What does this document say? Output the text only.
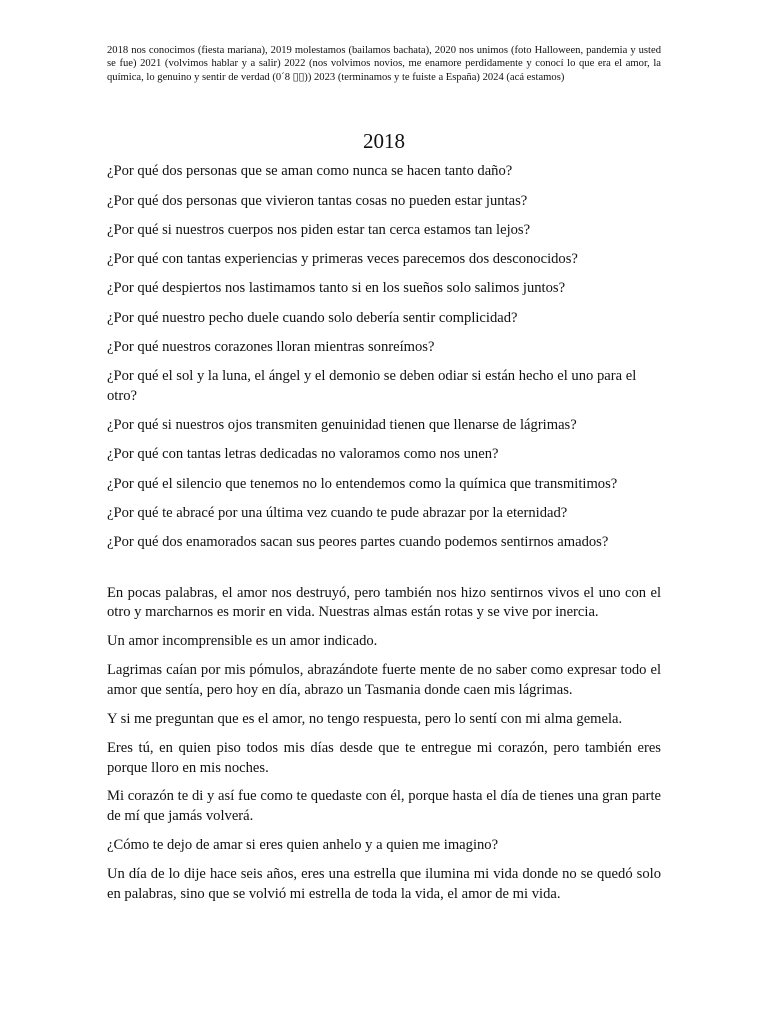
2018 nos conocimos (fiesta mariana), 2019 molestamos (bailamos bachata), 2020 nos unimos (foto Halloween, pandemia y usted se fue) 2021 (volvimos hablar y a salir) 2022 (nos volvimos novios, me enamore perdidamente y conocí lo que era el amor, la química, lo genuino y sentir de verdad (0´8 ▯▯)) 2023 (terminamos y te fuiste a España) 2024 (acá estamos)

2018
¿Por qué dos personas que se aman como nunca se hacen tanto daño?
¿Por qué dos personas que vivieron tantas cosas no pueden estar juntas?
¿Por qué si nuestros cuerpos nos piden estar tan cerca estamos tan lejos?
¿Por qué con tantas experiencias y primeras veces parecemos dos desconocidos?
¿Por qué despiertos nos lastimamos tanto si en los sueños solo salimos juntos?
¿Por qué nuestro pecho duele cuando solo debería sentir complicidad?
¿Por qué nuestros corazones lloran mientras sonreímos?
¿Por qué el sol y la luna, el ángel y el demonio se deben odiar si están hecho el uno para el otro?
¿Por qué si nuestros ojos transmiten genuinidad tienen que llenarse de lágrimas?
¿Por qué con tantas letras dedicadas no valoramos como nos unen?
¿Por qué el silencio que tenemos no lo entendemos como la química que transmitimos?
¿Por qué te abracé por una última vez cuando te pude abrazar por la eternidad?
¿Por qué dos enamorados sacan sus peores partes cuando podemos sentirnos amados?

En pocas palabras, el amor nos destruyó, pero también nos hizo sentirnos vivos el uno con el otro y marcharnos es morir en vida. Nuestras almas están rotas y se vive por inercia.

Un amor incomprensible es un amor indicado.

Lagrimas caían por mis pómulos, abrazándote fuerte mente de no saber como expresar todo el amor que sentía, pero hoy en día, abrazo un Tasmania donde caen mis lágrimas.

Y si me preguntan que es el amor, no tengo respuesta, pero lo sentí con mi alma gemela.

Eres tú, en quien piso todos mis días desde que te entregue mi corazón, pero también eres porque lloro en mis noches.

Mi corazón te di y así fue como te quedaste con él, porque hasta el día de tienes una gran parte de mí que jamás volverá.

¿Cómo te dejo de amar si eres quien anhelo y a quien me imagino?

Un día de lo dije hace seis años, eres una estrella que ilumina mi vida donde no se quedó solo en palabras, sino que se volvió mi estrella de toda la vida, el amor de mi vida.
